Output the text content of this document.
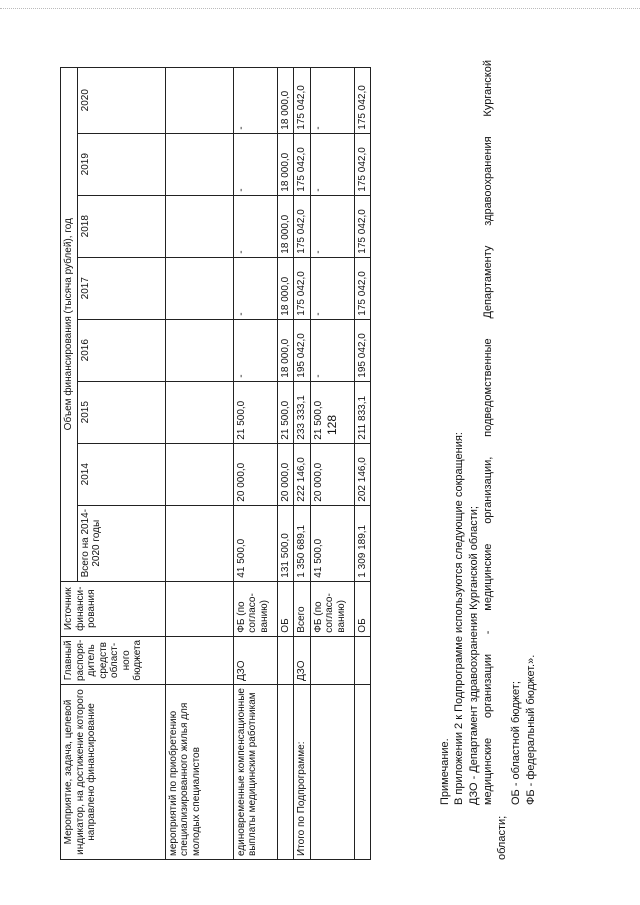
128
Мероприятие, задача, целевой индикатор, на достижение которого направлено финансирование	Главный распоря-дитель средств област-ного бюджета	Источник финанси-рования	Объем финансирования (тысяча рублей), год							
			Всего на 2014-2020 годы	2014	2015	2016	2017	2018	2019	2020
мероприятий по приобретению специализированного жилья для молодых специалистов										
единовременные компенсационные выплаты медицинским работникам	ДЗО	ФБ (по согласо-ванию)	41 500,0	20 000,0	21 500,0	-	-	-	-	-
		ОБ	131 500,0	20 000,0	21 500,0	18 000,0	18 000,0	18 000,0	18 000,0	18 000,0
Итого по Подпрограмме:	ДЗО	Всего	1 350 689,1	222 146,0	233 333,1	195 042,0	175 042,0	175 042,0	175 042,0	175 042,0
		ФБ (по согласо-ванию)	41 500,0	20 000,0	21 500,0	-	-	-	-	-
		ОБ	1 309 189,1	202 146,0	211 833,1	195 042,0	175 042,0	175 042,0	175 042,0	175 042,0

Примечание. В приложении 2 к Подпрограмме используются следующие сокращения: ДЗО - Департамент здравоохранения Курганской области; медицинские организации - медицинские организации, подведомственные Департаменту здравоохранения Курганской

области;

ОБ - областной бюджет; ФБ - федеральный бюджет.».
